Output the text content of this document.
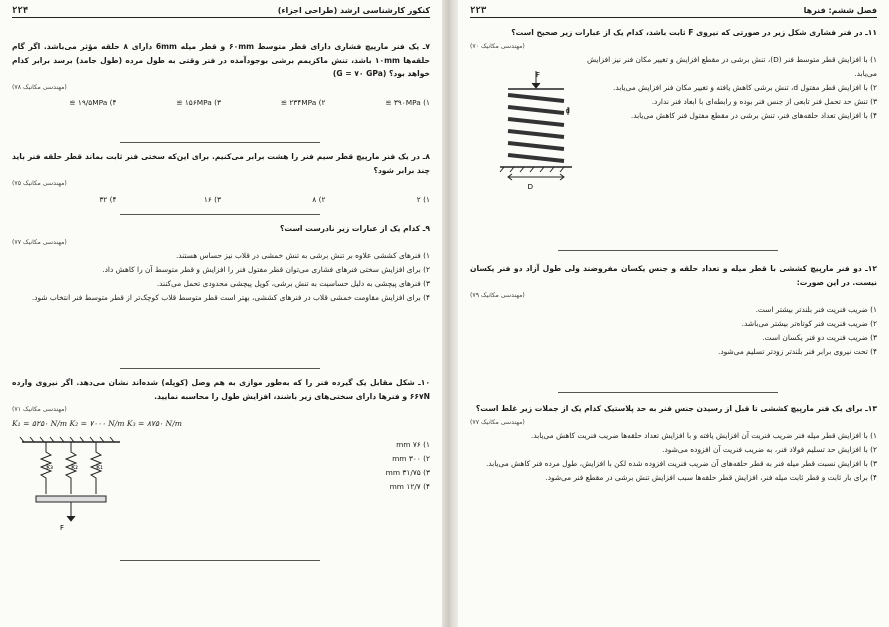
کنکور کارشناسی ارشد (طراحی اجزاء)
۲۲۴
۷ـ یک فنر مارپیچ فشاری دارای قطر متوسط ۶۰mm و قطر میله 6mm دارای ۸ حلقه مؤثر می‌باشد. اگر گام حلقه‌ها ۱۰mm باشد، تنش ماکزیمم برشی بوجودآمده در فنر وقتی به طول مرده (طول جامد) برسد برابر کدام خواهد بود؟ (G = ۷۰ GPa)
(مهندسی مکانیک ۷۸)
۱) ۳۹۰MPa ≅
۲) ۲۳۴MPa ≅
۳) ۱۵۶MPa ≅
۴) ۱۹/۵MPa ≅
۸ـ در یک فنر مارپیچ قطر سیم فنر را هشت برابر می‌کنیم. برای این‌که سختی فنر ثابت بماند قطر حلقه فنر باید چند برابر شود؟
(مهندسی مکانیک ۷۵)
۱) ۲
۲) ۸
۳) ۱۶
۴) ۳۲
۹ـ کدام یک از عبارات زیر نادرست است؟
(مهندسی مکانیک ۷۷)
۱) فنرهای کششی علاوه بر تنش برشی به تنش خمشی در قلاب نیز حساس هستند.
۲) برای افزایش سختی فنرهای فشاری می‌توان قطر مفتول فنر را افزایش و قطر متوسط آن را کاهش داد.
۳) فنرهای پیچشی به دلیل حساسیت به تنش برشی، کوپل پیچشی محدودی تحمل می‌کنند.
۴) برای افزایش مقاومت خمشی قلاب در فنرهای کششی، بهتر است قطر متوسط قلاب کوچک‌تر از قطر متوسط فنر انتخاب شود.
۱۰ـ شکل مقابل یک گیرده فنر را که به‌طور موازی به هم وصل (کوپله) شده‌اند نشان می‌دهد. اگر نیروی وارده ۶۶۷N و فنرها دارای سختی‌های زیر باشند، افزایش طول را محاسبه نمایید.
(مهندسی مکانیک ۷۱)
K₁ = ۵۲۵۰ N/m K₂ = ۷۰۰۰ N/m K₃ = ۸۷۵۰ N/m
۱) ۷۶ mm
۲) ۳۰۰ mm
۳) ۳۱/۷۵ mm
۴) ۱۲/۷ mm
k₃	k₂	k₁
F
فصل ششم: فنرها
۲۲۳
۱۱ـ در فنر فشاری شکل زیر در صورتی که نیروی F ثابت باشد، کدام یک از عبارات زیر صحیح است؟
(مهندسی مکانیک ۷۰)
۱) با افزایش قطر متوسط فنر (D)، تنش برشی در مقطع افزایش و تغییر مکان فنر نیز افزایش می‌یابد.
۲) با افزایش قطر مفتول d، تنش برشی کاهش یافته و تغییر مکان فنر افزایش می‌یابد.
۳) تنش حد تحمل فنر تابعی از جنس فنر بوده و رابطه‌ای با ابعاد فنر ندارد.
۴) با افزایش تعداد حلقه‌های فنر، تنش برشی در مقطع مفتول فنر کاهش می‌یابد.
F
d
D
۱۲ـ دو فنر مارپیچ کششی با قطر میله و تعداد حلقه و جنس یکسان مفروضند ولی طول آزاد دو فنر یکسان نیست. در این صورت:
(مهندسی مکانیک ۷۹)
۱) ضریب فنریت فنر بلندتر بیشتر است.
۲) ضریب فنریت فنر کوتاه‌تر بیشتر می‌باشد.
۳) ضریب فنریت دو فنر یکسان است.
۴) تحت نیروی برابر فنر بلندتر زودتر تسلیم می‌شود.
۱۳ـ برای یک فنر مارپیچ کششی تا قبل از رسیدن جنس فنر به حد پلاستیک کدام یک از جملات زیر غلط است؟
(مهندسی مکانیک ۷۷)
۱) با افزایش قطر میله فنر ضریب فنریت آن افزایش یافته و با افزایش تعداد حلقه‌ها ضریب فنریت کاهش می‌یابد.
۲) با افزایش حد تسلیم فولاد فنر، به ضریب فنریت آن افزوده می‌شود.
۳) با افزایش نسبت قطر میله فنر به قطر حلقه‌های آن ضریب فنریت افزوده شده لکن با افزایش، طول مرده فنر کاهش می‌یابد.
۴) برای بار ثابت و قطر ثابت میله فنر، افزایش قطر حلقه‌ها سبب افزایش تنش برشی در مقطع فنر می‌شود.
